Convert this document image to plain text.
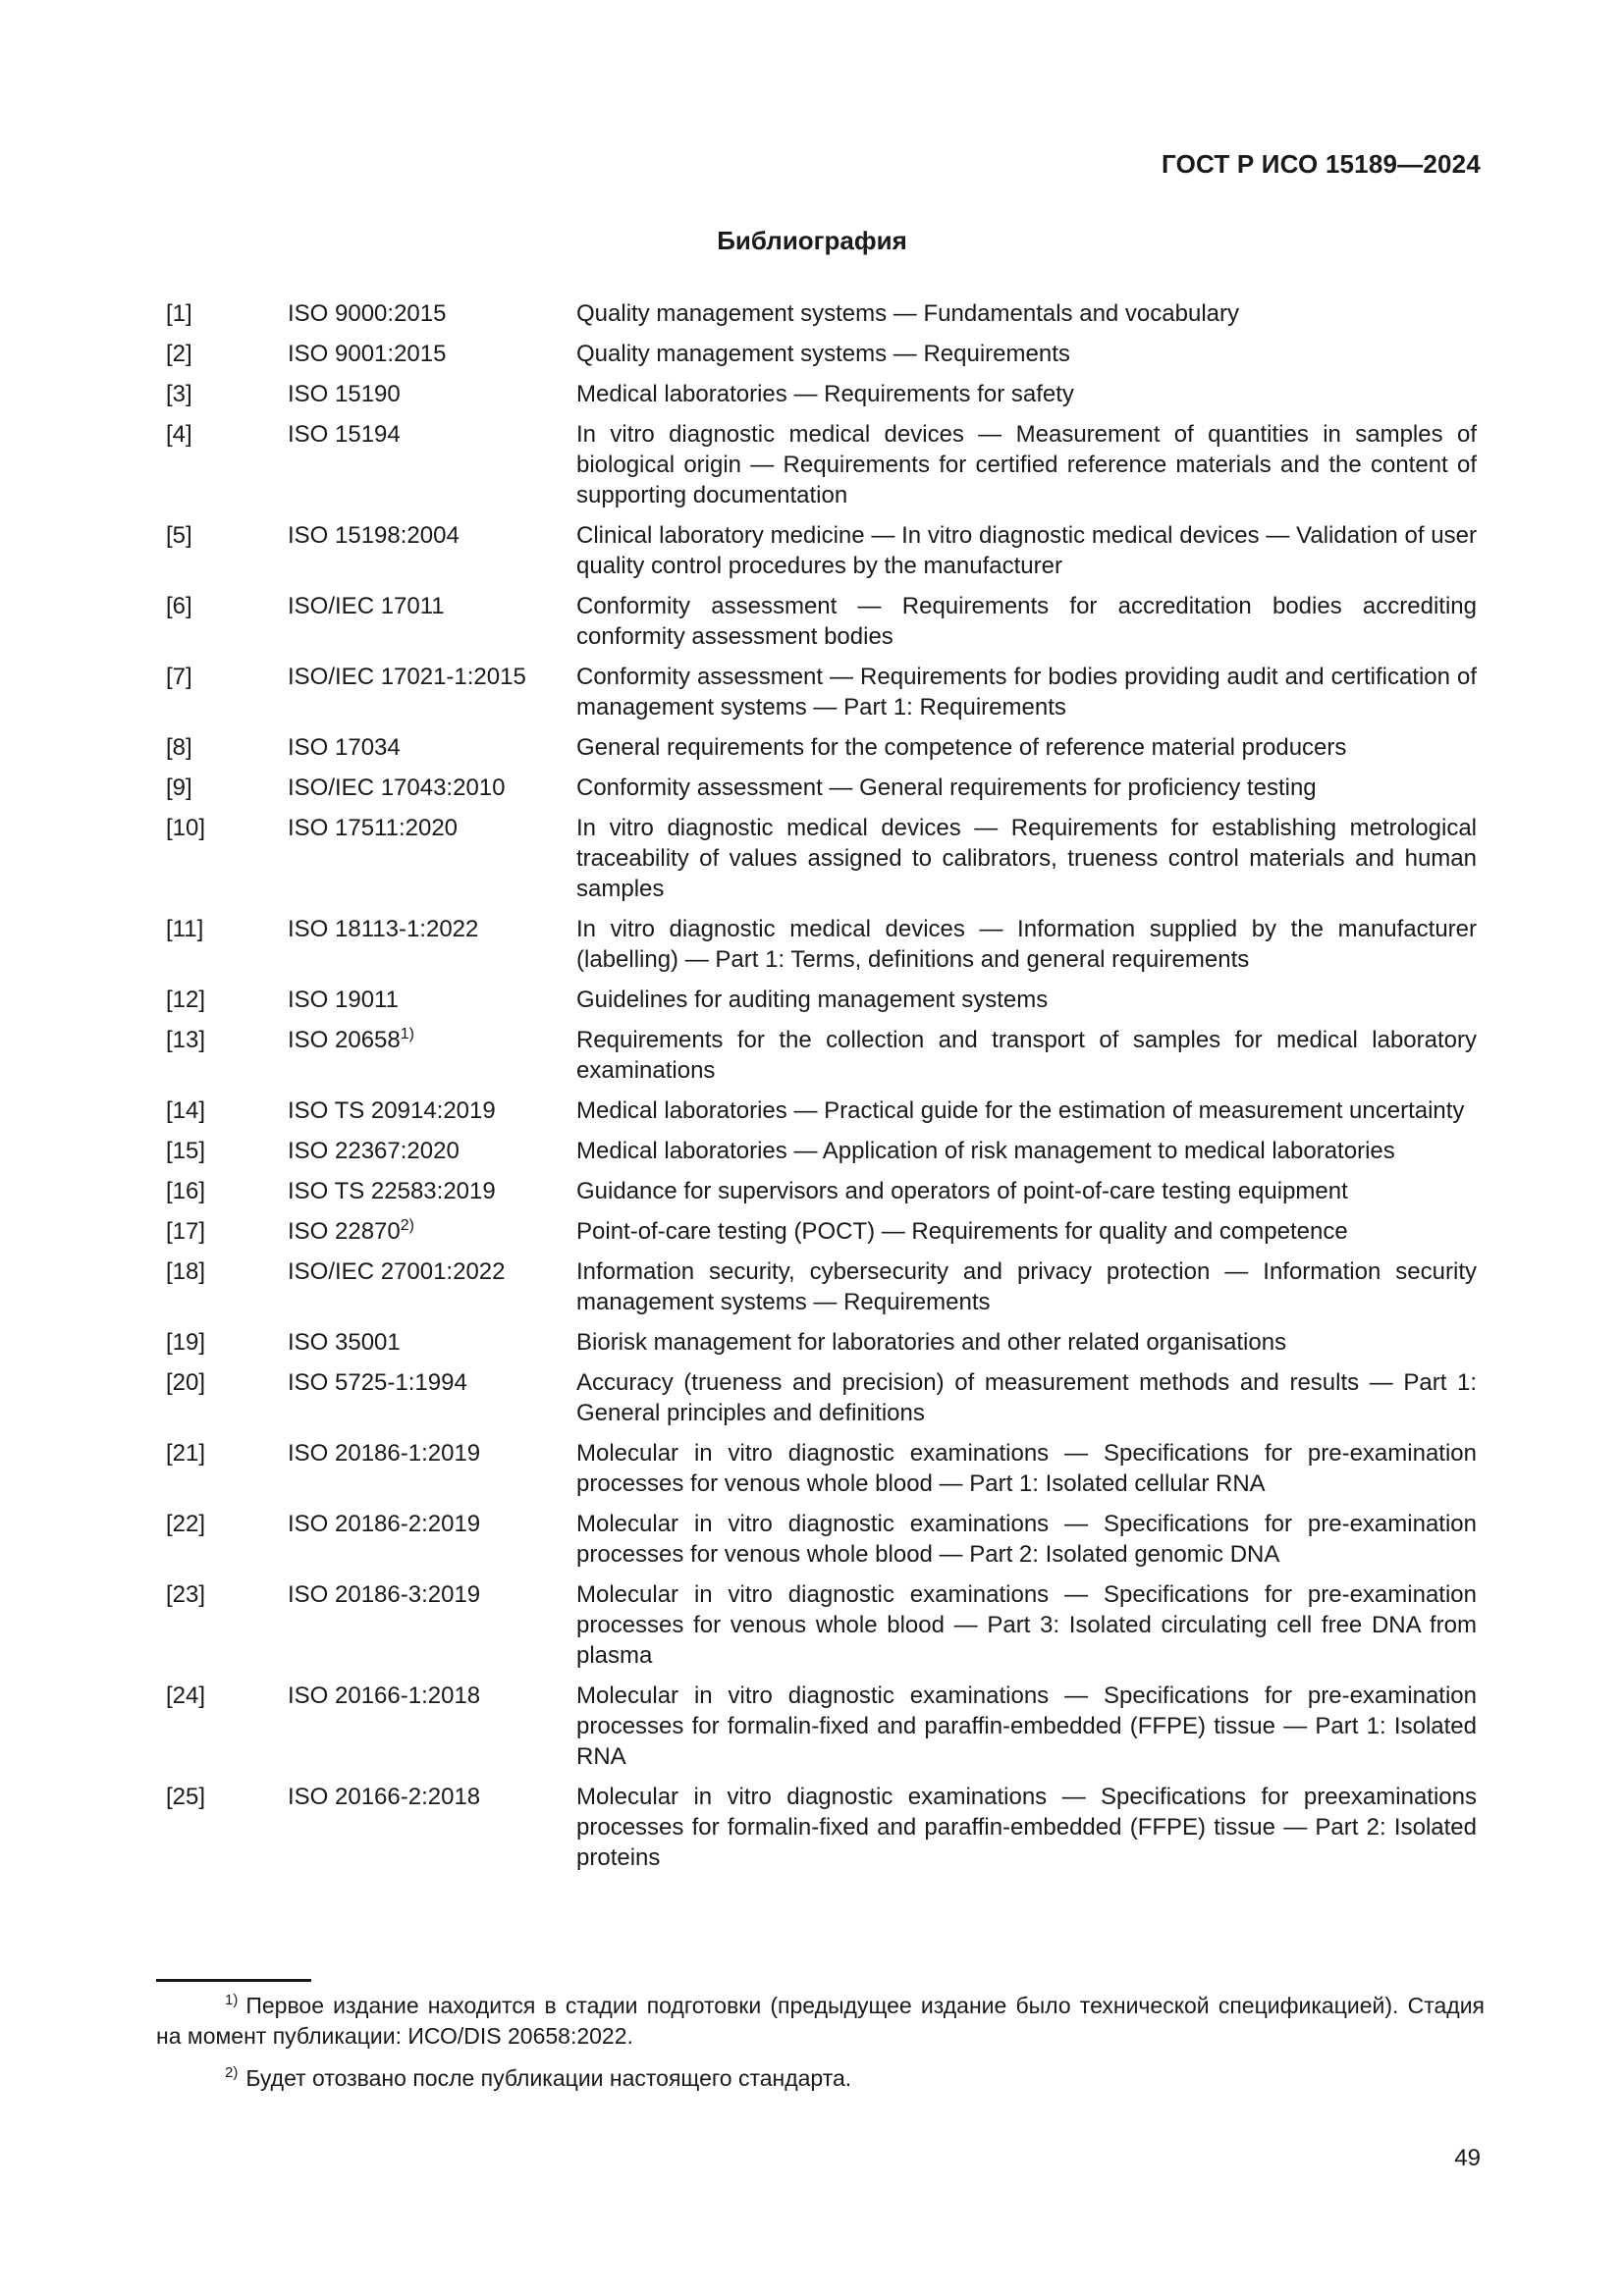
ГОСТ Р ИСО 15189—2024
Библиография
[1]	ISO 9000:2015	Quality management systems — Fundamentals and vocabulary
[2]	ISO 9001:2015	Quality management systems — Requirements
[3]	ISO 15190	Medical laboratories — Requirements for safety
[4]	ISO 15194	In vitro diagnostic medical devices — Measurement of quantities in samples of biological origin — Requirements for certified reference materials and the content of supporting documentation
[5]	ISO 15198:2004	Clinical laboratory medicine — In vitro diagnostic medical devices — Validation of user quality control procedures by the manufacturer
[6]	ISO/IEC 17011	Conformity assessment — Requirements for accreditation bodies accrediting conformity assessment bodies
[7]	ISO/IEC 17021-1:2015	Conformity assessment — Requirements for bodies providing audit and certification of management systems — Part 1: Requirements
[8]	ISO 17034	General requirements for the competence of reference material producers
[9]	ISO/IEC 17043:2010	Conformity assessment — General requirements for proficiency testing
[10]	ISO 17511:2020	In vitro diagnostic medical devices — Requirements for establishing metrological traceability of values assigned to calibrators, trueness control materials and human samples
[11]	ISO 18113-1:2022	In vitro diagnostic medical devices — Information supplied by the manufacturer (labelling) — Part 1: Terms, definitions and general requirements
[12]	ISO 19011	Guidelines for auditing management systems
[13]	ISO 20658$^{1)}$	Requirements for the collection and transport of samples for medical laboratory examinations
[14]	ISO TS 20914:2019	Medical laboratories — Practical guide for the estimation of measurement uncertainty
[15]	ISO 22367:2020	Medical laboratories — Application of risk management to medical laboratories
[16]	ISO TS 22583:2019	Guidance for supervisors and operators of point-of-care testing equipment
[17]	ISO 22870$^{2)}$	Point-of-care testing (POCT) — Requirements for quality and competence
[18]	ISO/IEC 27001:2022	Information security, cybersecurity and privacy protection — Information security management systems — Requirements
[19]	ISO 35001	Biorisk management for laboratories and other related organisations
[20]	ISO 5725-1:1994	Accuracy (trueness and precision) of measurement methods and results — Part 1: General principles and definitions
[21]	ISO 20186-1:2019	Molecular in vitro diagnostic examinations — Specifications for pre-examination processes for venous whole blood — Part 1: Isolated cellular RNA
[22]	ISO 20186-2:2019	Molecular in vitro diagnostic examinations — Specifications for pre-examination processes for venous whole blood — Part 2: Isolated genomic DNA
[23]	ISO 20186-3:2019	Molecular in vitro diagnostic examinations — Specifications for pre-examination processes for venous whole blood — Part 3: Isolated circulating cell free DNA from plasma
[24]	ISO 20166-1:2018	Molecular in vitro diagnostic examinations — Specifications for pre-examination processes for formalin-fixed and paraffin-embedded (FFPE) tissue — Part 1: Isolated RNA
[25]	ISO 20166-2:2018	Molecular in vitro diagnostic examinations — Specifications for preexaminations processes for formalin-fixed and paraffin-embedded (FFPE) tissue — Part 2: Isolated proteins
$^{1)}$ Первое издание находится в стадии подготовки (предыдущее издание было технической спецификацией). Стадия на момент публикации: ИСО/DIS 20658:2022.
$^{2)}$ Будет отозвано после публикации настоящего стандарта.
49
